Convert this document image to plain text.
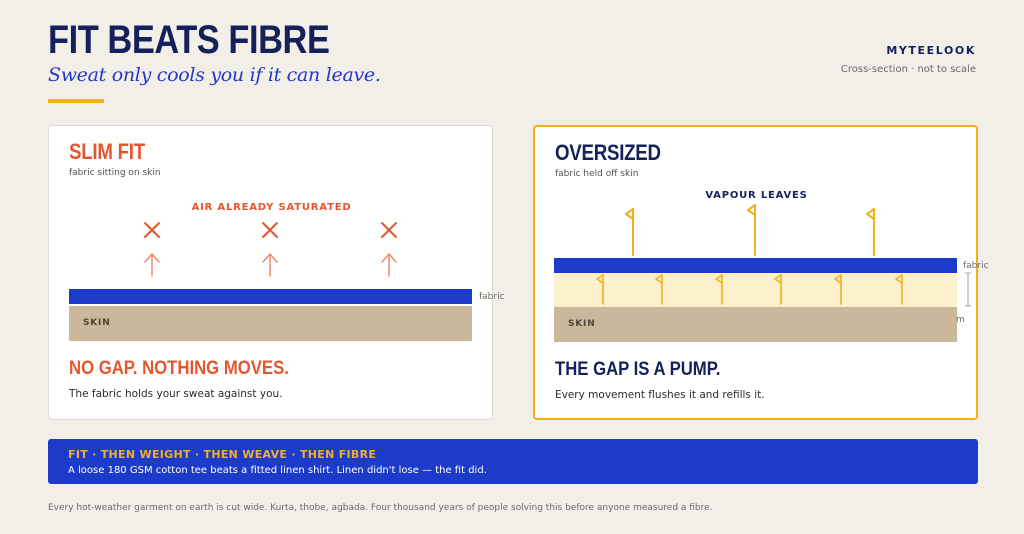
FIT BEATS FIBRE
Sweat only cools you if it can leave.
MYTEELOOK
Cross-section · not to scale
SLIM FIT
fabric sitting on skin
AIR ALREADY SATURATED
fabric
SKIN
NO GAP. NOTHING MOVES.
The fabric holds your sweat against you.
OVERSIZED
fabric held off skin
VAPOUR LEAVES
SKIN
fabric
m
THE GAP IS A PUMP.
Every movement flushes it and refills it.
FIT · THEN WEIGHT · THEN WEAVE · THEN FIBRE
A loose 180 GSM cotton tee beats a fitted linen shirt. Linen didn't lose — the fit did.
Every hot-weather garment on earth is cut wide. Kurta, thobe, agbada. Four thousand years of people solving this before anyone measured a fibre.
